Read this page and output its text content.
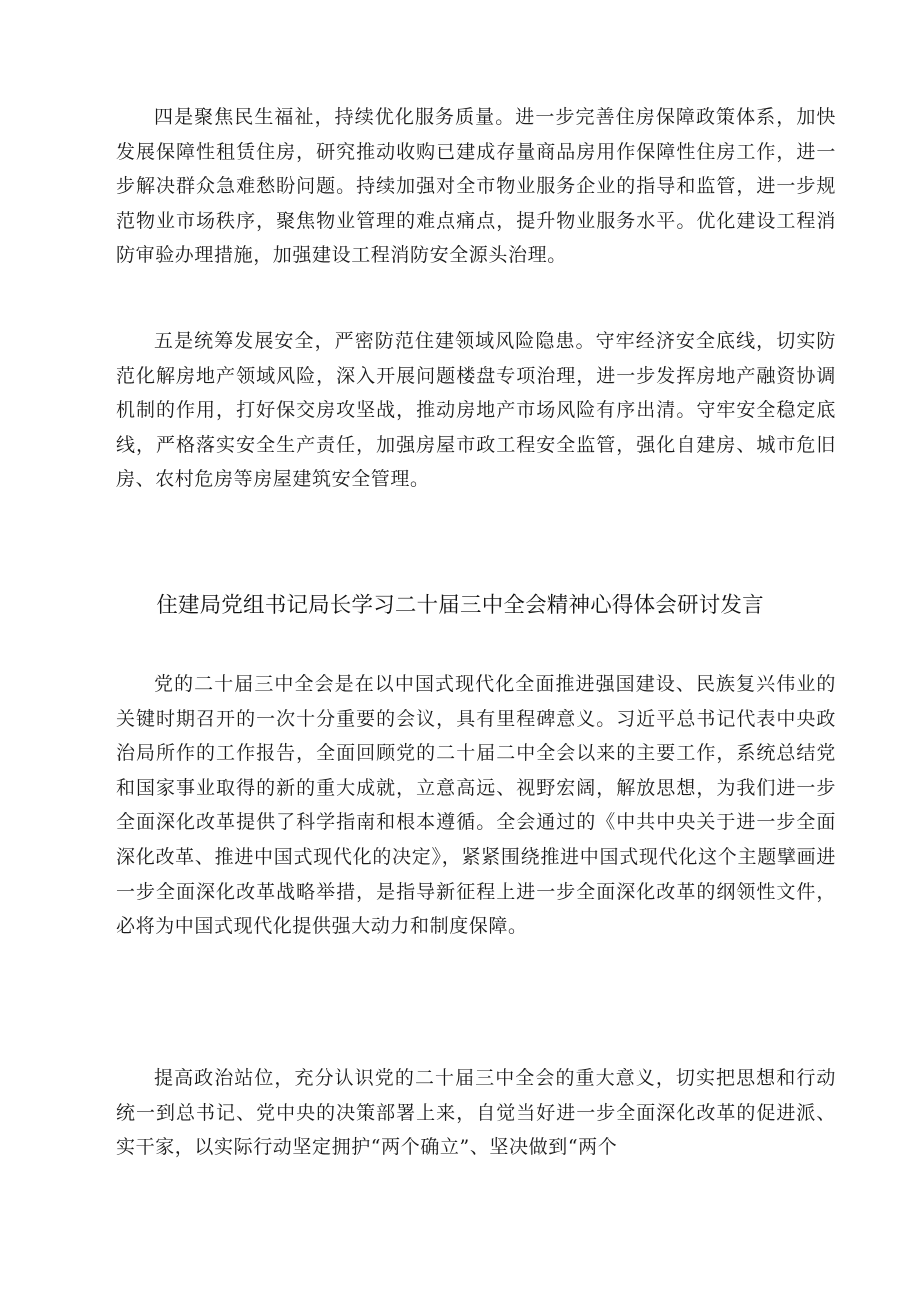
四是聚焦民生福祉，持续优化服务质量。进一步完善住房保障政策体系，加快发展保障性租赁住房，研究推动收购已建成存量商品房用作保障性住房工作，进一步解决群众急难愁盼问题。持续加强对全市物业服务企业的指导和监管，进一步规范物业市场秩序，聚焦物业管理的难点痛点，提升物业服务水平。优化建设工程消防审验办理措施，加强建设工程消防安全源头治理。

五是统筹发展安全，严密防范住建领域风险隐患。守牢经济安全底线，切实防范化解房地产领域风险，深入开展问题楼盘专项治理，进一步发挥房地产融资协调机制的作用，打好保交房攻坚战，推动房地产市场风险有序出清。守牢安全稳定底线，严格落实安全生产责任，加强房屋市政工程安全监管，强化自建房、城市危旧房、农村危房等房屋建筑安全管理。

住建局党组书记局长学习二十届三中全会精神心得体会研讨发言

党的二十届三中全会是在以中国式现代化全面推进强国建设、民族复兴伟业的关键时期召开的一次十分重要的会议，具有里程碑意义。习近平总书记代表中央政治局所作的工作报告，全面回顾党的二十届二中全会以来的主要工作，系统总结党和国家事业取得的新的重大成就，立意高远、视野宏阔，解放思想，为我们进一步全面深化改革提供了科学指南和根本遵循。全会通过的《中共中央关于进一步全面深化改革、推进中国式现代化的决定》，紧紧围绕推进中国式现代化这个主题擘画进一步全面深化改革战略举措，是指导新征程上进一步全面深化改革的纲领性文件，必将为中国式现代化提供强大动力和制度保障。

提高政治站位，充分认识党的二十届三中全会的重大意义，切实把思想和行动统一到总书记、党中央的决策部署上来，自觉当好进一步全面深化改革的促进派、实干家，以实际行动坚定拥护“两个确立”、坚决做到“两个
